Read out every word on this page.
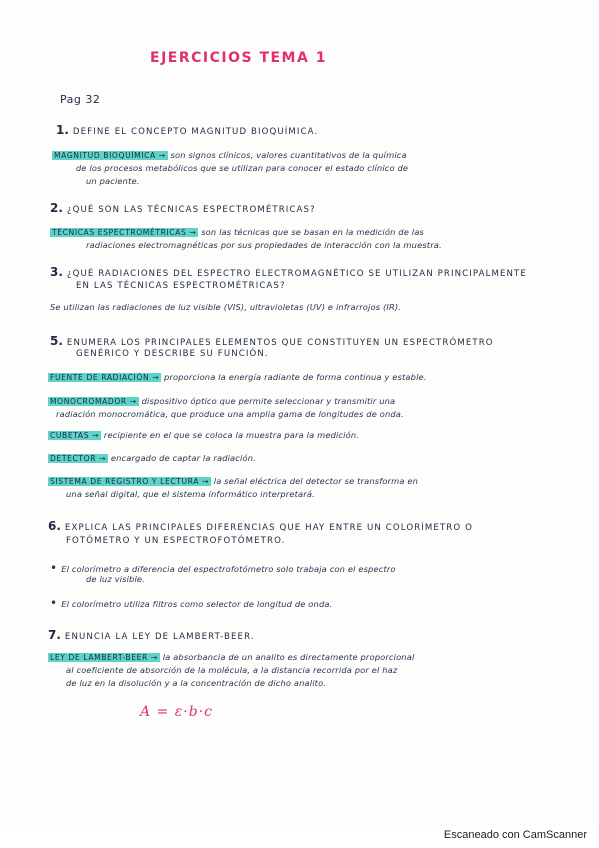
EJERCICIOS TEMA 1
Pag 32
1. DEFINE EL CONCEPTO MAGNITUD BIOQUÍMICA.
MAGNITUD BIOQUÍMICA → son signos clínicos, valores cuantitativos de la química
de los procesos metabólicos que se utilizan para conocer el estado clínico de
un paciente.
2. ¿QUÉ SON LAS TÉCNICAS ESPECTROMÉTRICAS?
TÉCNICAS ESPECTROMÉTRICAS → son las técnicas que se basan en la medición de las
radiaciones electromagnéticas por sus propiedades de interacción con la muestra.
3. ¿QUÉ RADIACIONES DEL ESPECTRO ELECTROMAGNÉTICO SE UTILIZAN PRINCIPALMENTE
EN LAS TÉCNICAS ESPECTROMÉTRICAS?
Se utilizan las radiaciones de luz visible (VIS), ultravioletas (UV) e infrarrojos (IR).
5. ENUMERA LOS PRINCIPALES ELEMENTOS QUE CONSTITUYEN UN ESPECTRÓMETRO
GENÉRICO Y DESCRIBE SU FUNCIÓN.
FUENTE DE RADIACIÓN → proporciona la energía radiante de forma continua y estable.
MONOCROMADOR → dispositivo óptico que permite seleccionar y transmitir una
radiación monocromática, que produce una amplia gama de longitudes de onda.
CUBETAS → recipiente en el que se coloca la muestra para la medición.
DETECTOR → encargado de captar la radiación.
SISTEMA DE REGISTRO Y LECTURA → la señal eléctrica del detector se transforma en
una señal digital, que el sistema informático interpretará.
6. EXPLICA LAS PRINCIPALES DIFERENCIAS QUE HAY ENTRE UN COLORÍMETRO O
FOTÓMETRO Y UN ESPECTROFOTÓMETRO.
• El colorímetro a diferencia del espectrofotómetro solo trabaja con el espectro
de luz visible.
• El colorímetro utiliza filtros como selector de longitud de onda.
7. ENUNCIA LA LEY DE LAMBERT-BEER.
LEY DE LAMBERT-BEER → la absorbancia de un analito es directamente proporcional
al coeficiente de absorción de la molécula, a la distancia recorrida por el haz
de luz en la disolución y a la concentración de dicho analito.
A = ε·b·c
Escaneado con CamScanner
